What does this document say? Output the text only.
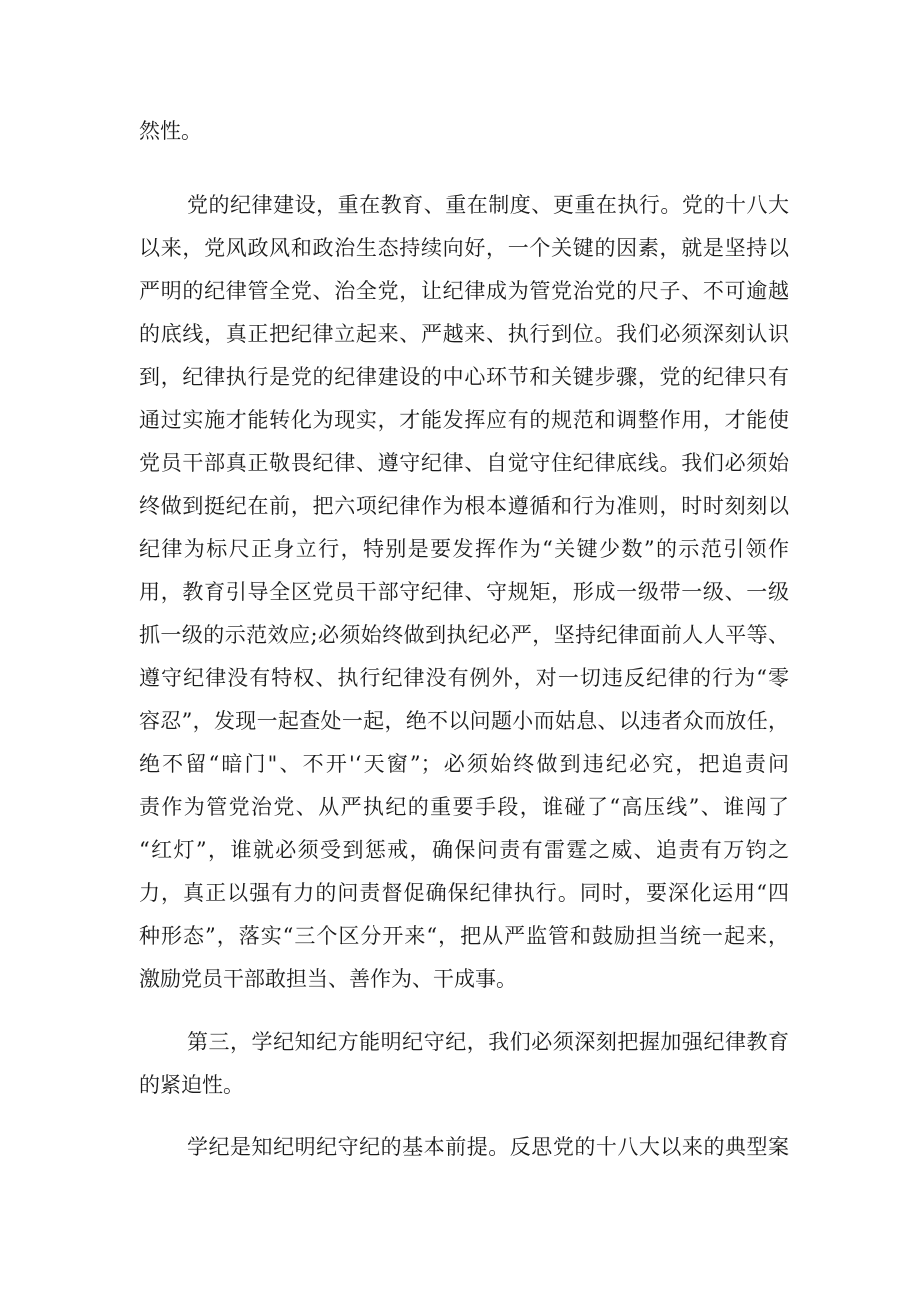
然性。
党的纪律建设，重在教育、重在制度、更重在执行。党的十八大
以来，党风政风和政治生态持续向好，一个关键的因素，就是坚持以
严明的纪律管全党、治全党，让纪律成为管党治党的尺子、不可逾越
的底线，真正把纪律立起来、严越来、执行到位。我们必须深刻认识
到，纪律执行是党的纪律建设的中心环节和关键步骤，党的纪律只有
通过实施才能转化为现实，才能发挥应有的规范和调整作用，才能使
党员干部真正敬畏纪律、遵守纪律、自觉守住纪律底线。我们必须始
终做到挺纪在前，把六项纪律作为根本遵循和行为准则，时时刻刻以
纪律为标尺正身立行，特别是要发挥作为“关键少数”的示范引领作
用，教育引导全区党员干部守纪律、守规矩，形成一级带一级、一级
抓一级的示范效应;必须始终做到执纪必严，坚持纪律面前人人平等、
遵守纪律没有特权、执行纪律没有例外，对一切违反纪律的行为“零
容忍”，发现一起查处一起，绝不以问题小而姑息、以违者众而放任，
绝不留“暗门"、不开'‘天窗”；必须始终做到违纪必究，把追责问
责作为管党治党、从严执纪的重要手段，谁碰了“高压线”、谁闯了
“红灯”，谁就必须受到惩戒，确保问责有雷霆之威、追责有万钧之
力，真正以强有力的问责督促确保纪律执行。同时，要深化运用“四
种形态”，落实“三个区分开来“，把从严监管和鼓励担当统一起来，
激励党员干部敢担当、善作为、干成事。
第三，学纪知纪方能明纪守纪，我们必须深刻把握加强纪律教育
的紧迫性。
学纪是知纪明纪守纪的基本前提。反思党的十八大以来的典型案
